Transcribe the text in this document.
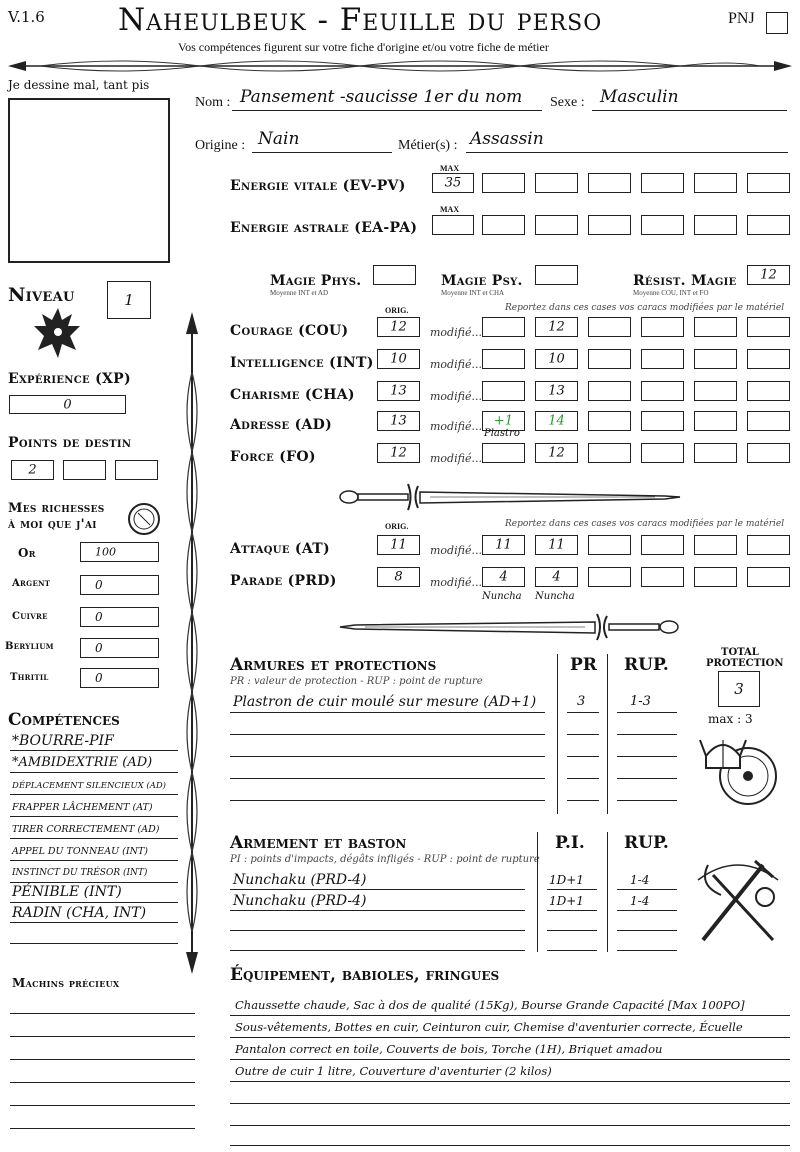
V.1.6 Naheulbeuk - Feuille du perso	PNJ
Vos compétences figurent sur votre fiche d'origine et/ou votre fiche de métier
Je dessine mal, tant pis
Nom : Pansement -saucisse 1er du nom Sexe : Masculin
Origine : Nain	Métier(s) : Assassin
MAX
Energie vitale (EV-PV)	35
MAX
Energie astrale (EA-PA)
Magie Phys.
Moyenne INT et AD
Magie Psy.
Moyenne INT et CHA
Résist. Magie	12
Moyenne COU, INT et FO
ORIG.	Reportez dans ces cases vos caracs modifiées par le matériel
Courage (COU)	12	modifié...	12
Intelligence (INT)	10	modifié...	10
Charisme (CHA)	13	modifié...	13
Adresse (AD)	13	modifié... +1	14
Plastro
Force (FO)	12	modifié...	12
ORIG.	Reportez dans ces cases vos caracs modifiées par le matériel
Attaque (AT)	11	modifié...	11	11
Parade (PRD)	8	modifié...	4	4
Nuncha Nuncha
Armures et protections	PR RUP.
PR : valeur de protection - RUP : point de rupture
Plastron de cuir moulé sur mesure (AD+1)	3	1-3
TOTAL
PROTECTION
3
max : 3
Armement et baston	P.I. RUP.
PI : points d'impacts, dégâts infligés - RUP : point de rupture
Nunchaku (PRD-4)	1D+1	1-4
Nunchaku (PRD-4)	1D+1	1-4
Équipement, babioles, fringues
Chaussette chaude, Sac à dos de qualité (15Kg), Bourse Grande Capacité [Max 100PO]
Sous-vêtements, Bottes en cuir, Ceinturon cuir, Chemise d'aventurier correcte, Écuelle
Pantalon correct en toile, Couverts de bois, Torche (1H), Briquet amadou
Outre de cuir 1 litre, Couverture d'aventurier (2 kilos)
Niveau	1
Expérience (XP)
0
Points de destin
2
Mes richesses
à moi que j'ai
Or	100
Argent	0
Cuivre	0
Berylium	0
Thritil	0
Compétences
*BOURRE-PIF
*AMBIDEXTRIE (AD)
DÉPLACEMENT SILENCIEUX (AD)
FRAPPER LÂCHEMENT (AT)
TIRER CORRECTEMENT (AD)
APPEL DU TONNEAU (INT)
INSTINCT DU TRÉSOR (INT)
PÉNIBLE (INT)
RADIN (CHA, INT)
Machins précieux
